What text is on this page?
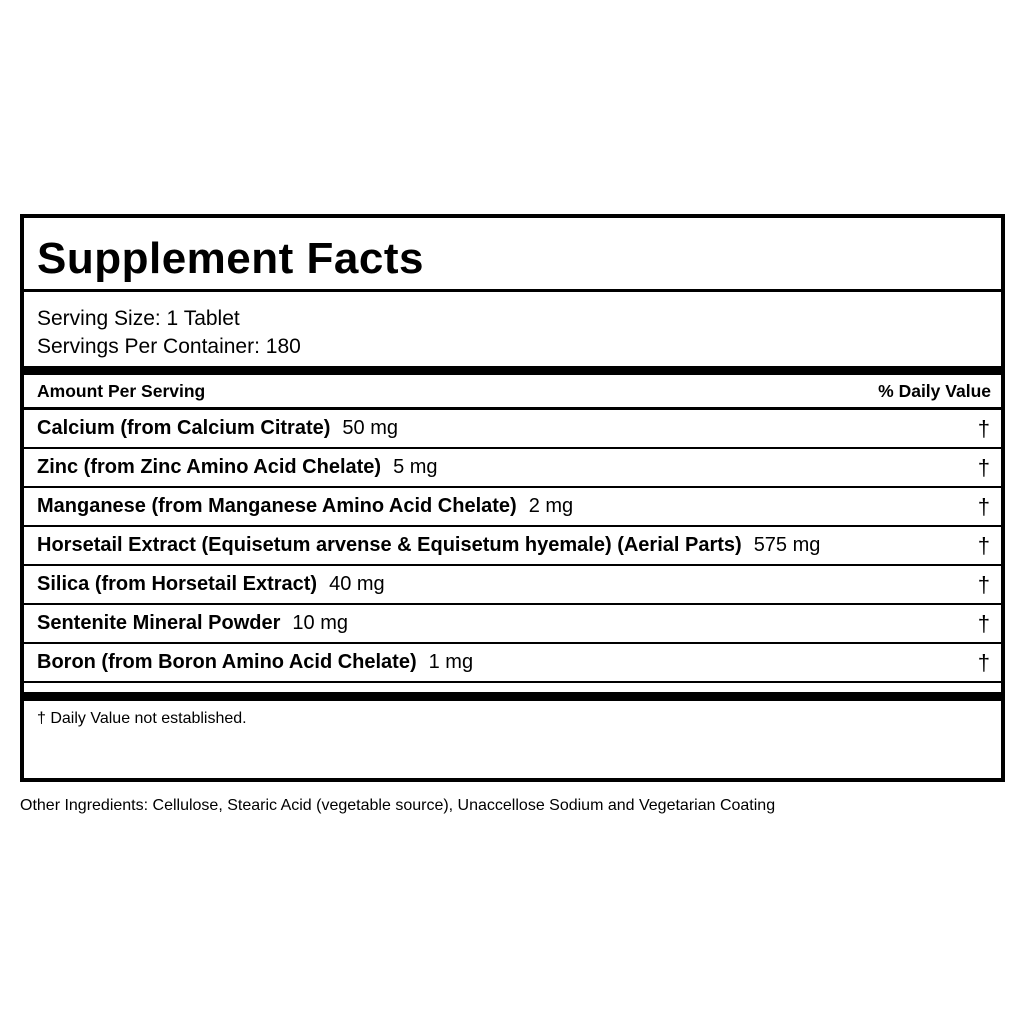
Supplement Facts
Serving Size: 1 Tablet
Servings Per Container: 180
Amount Per Serving	% Daily Value
Calcium (from Calcium Citrate) 50 mg	†
Zinc (from Zinc Amino Acid Chelate) 5 mg	†
Manganese (from Manganese Amino Acid Chelate) 2 mg	†
Horsetail Extract (Equisetum arvense & Equisetum hyemale) (Aerial Parts) 575 mg	†
Silica (from Horsetail Extract) 40 mg	†
Sentenite Mineral Powder 10 mg	†
Boron (from Boron Amino Acid Chelate) 1 mg	†
† Daily Value not established.
Other Ingredients: Cellulose, Stearic Acid (vegetable source), Unaccellose Sodium and Vegetarian Coating
